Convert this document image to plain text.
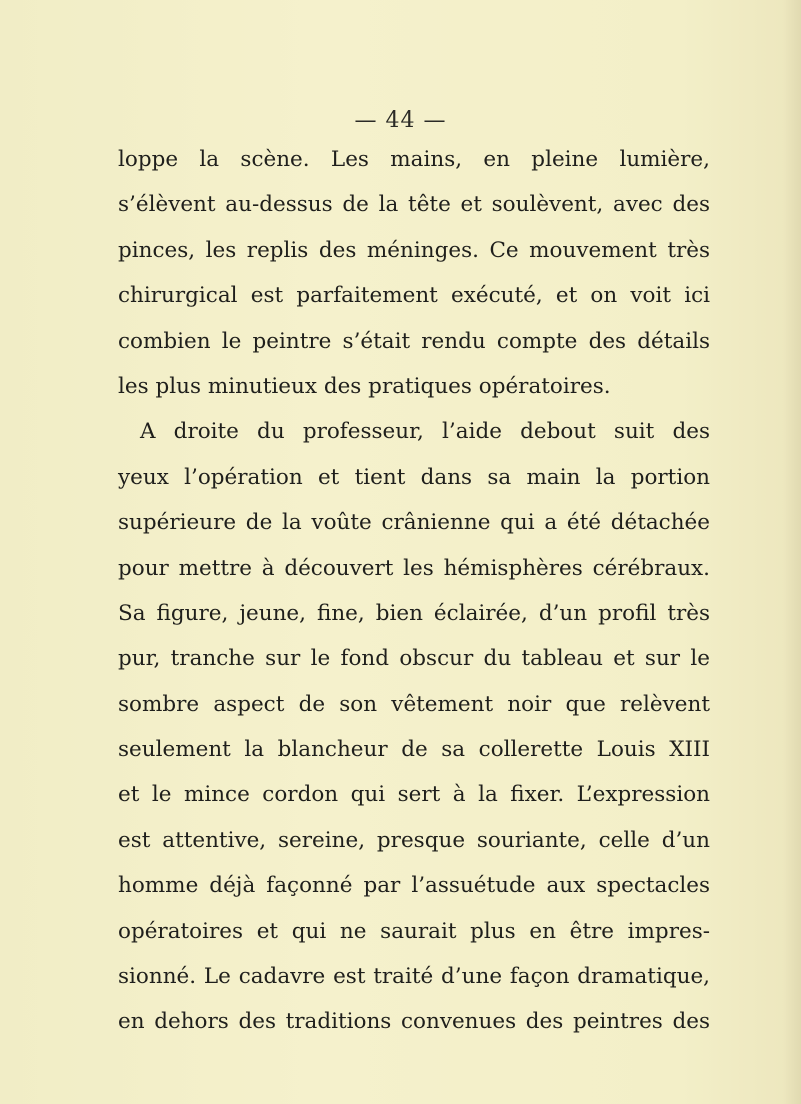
— 44 —
loppe la scène. Les mains, en pleine lumière,
s’élèvent au-dessus de la tête et soulèvent, avec des
pinces, les replis des méninges. Ce mouvement très
chirurgical est parfaitement exécuté, et on voit ici
combien le peintre s’était rendu compte des détails
les plus minutieux des pratiques opératoires.
A droite du professeur, l’aide debout suit des
yeux l’opération et tient dans sa main la portion
supérieure de la voûte crânienne qui a été détachée
pour mettre à découvert les hémisphères cérébraux.
Sa figure, jeune, fine, bien éclairée, d’un profil très
pur, tranche sur le fond obscur du tableau et sur le
sombre aspect de son vêtement noir que relèvent
seulement la blancheur de sa collerette Louis XIII
et le mince cordon qui sert à la fixer. L’expression
est attentive, sereine, presque souriante, celle d’un
homme déjà façonné par l’assuétude aux spectacles
opératoires et qui ne saurait plus en être impres-
sionné. Le cadavre est traité d’une façon dramatique,
en dehors des traditions convenues des peintres des
